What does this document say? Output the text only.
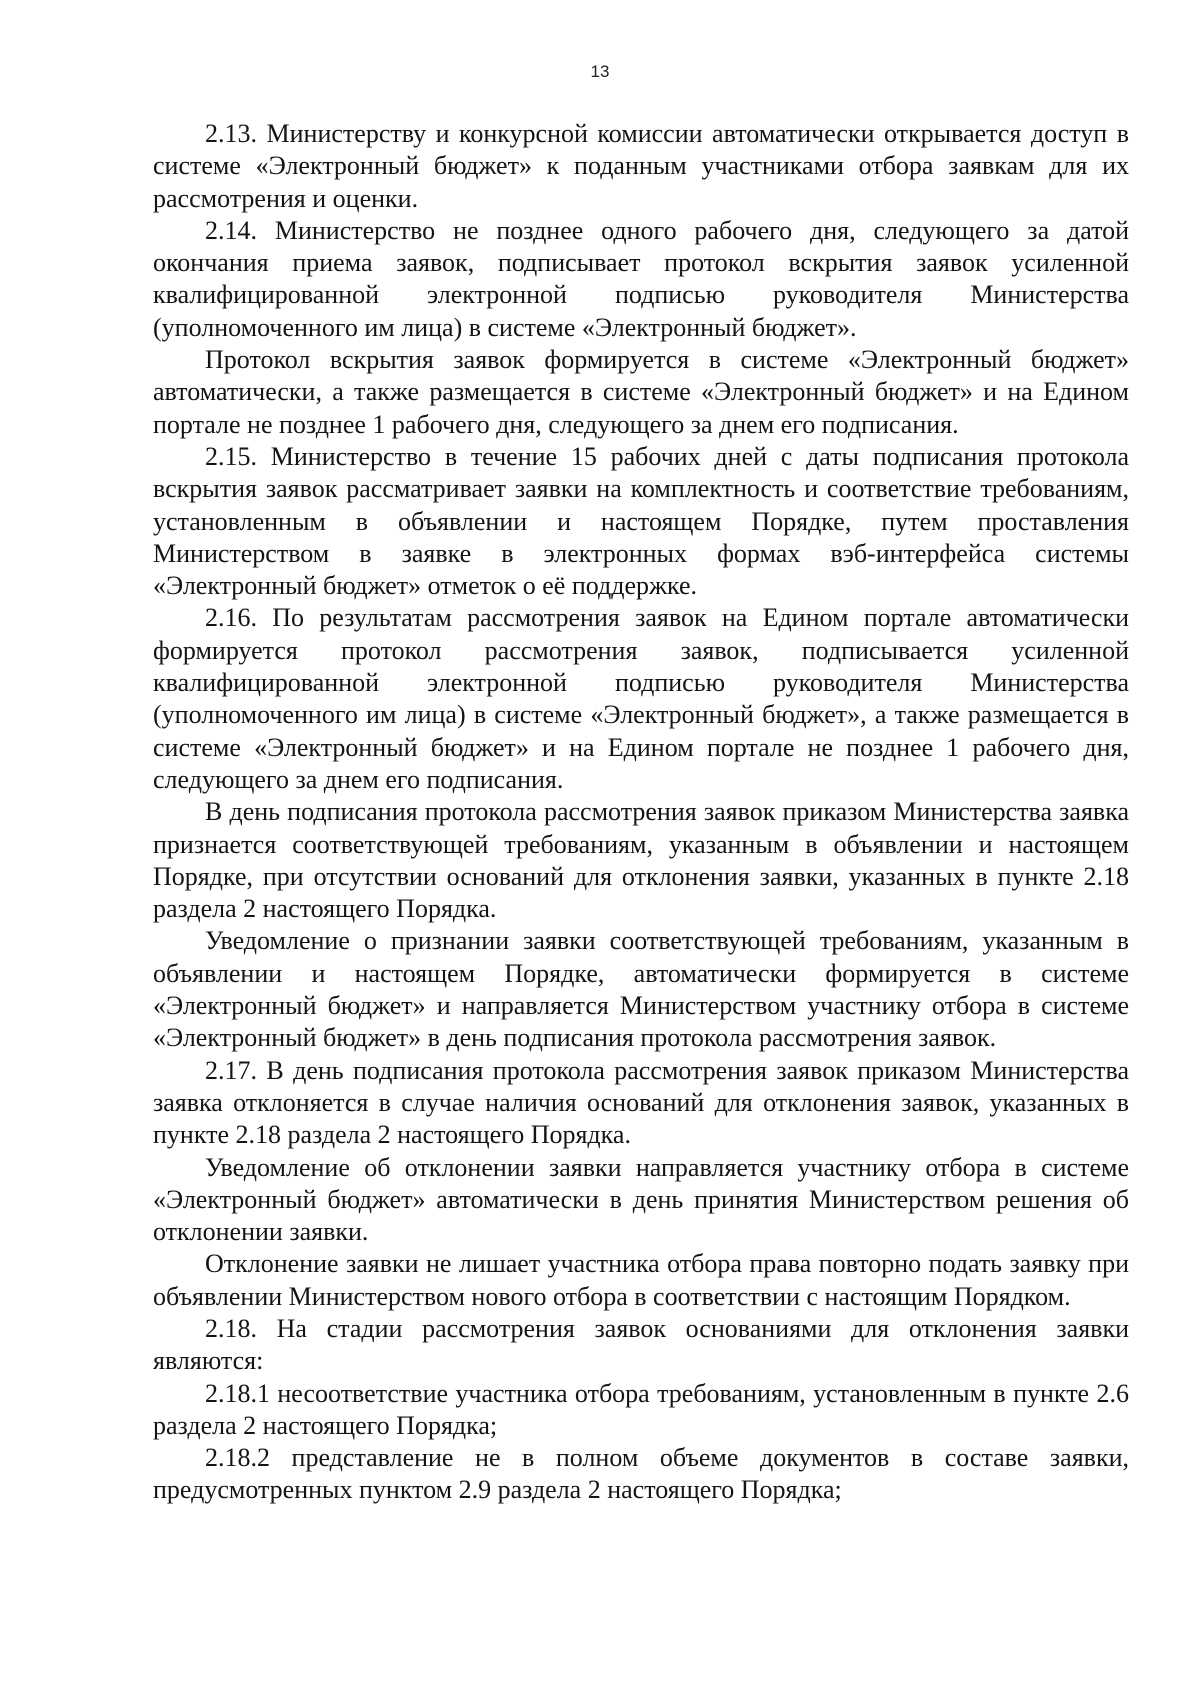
13

2.13. Министерству и конкурсной комиссии автоматически открывается доступ в системе «Электронный бюджет» к поданным участниками отбора заявкам для их рассмотрения и оценки.

2.14. Министерство не позднее одного рабочего дня, следующего за датой окончания приема заявок, подписывает протокол вскрытия заявок усиленной квалифицированной электронной подписью руководителя Министерства (уполномоченного им лица) в системе «Электронный бюджет».

Протокол вскрытия заявок формируется в системе «Электронный бюджет» автоматически, а также размещается в системе «Электронный бюджет» и на Едином портале не позднее 1 рабочего дня, следующего за днем его подписания.

2.15. Министерство в течение 15 рабочих дней с даты подписания протокола вскрытия заявок рассматривает заявки на комплектность и соответствие требованиям, установленным в объявлении и настоящем Порядке, путем проставления Министерством в заявке в электронных формах вэб-интерфейса системы «Электронный бюджет» отметок о её поддержке.

2.16. По результатам рассмотрения заявок на Едином портале автоматически формируется протокол рассмотрения заявок, подписывается усиленной квалифицированной электронной подписью руководителя Министерства (уполномоченного им лица) в системе «Электронный бюджет», а также размещается в системе «Электронный бюджет» и на Едином портале не позднее 1 рабочего дня, следующего за днем его подписания.

В день подписания протокола рассмотрения заявок приказом Министерства заявка признается соответствующей требованиям, указанным в объявлении и настоящем Порядке, при отсутствии оснований для отклонения заявки, указанных в пункте 2.18 раздела 2 настоящего Порядка.

Уведомление о признании заявки соответствующей требованиям, указанным в объявлении и настоящем Порядке, автоматически формируется в системе «Электронный бюджет» и направляется Министерством участнику отбора в системе «Электронный бюджет» в день подписания протокола рассмотрения заявок.

2.17. В день подписания протокола рассмотрения заявок приказом Министерства заявка отклоняется в случае наличия оснований для отклонения заявок, указанных в пункте 2.18 раздела 2 настоящего Порядка.

Уведомление об отклонении заявки направляется участнику отбора в системе «Электронный бюджет» автоматически в день принятия Министерством решения об отклонении заявки.

Отклонение заявки не лишает участника отбора права повторно подать заявку при объявлении Министерством нового отбора в соответствии с настоящим Порядком.

2.18. На стадии рассмотрения заявок основаниями для отклонения заявки являются:

2.18.1 несоответствие участника отбора требованиям, установленным в пункте 2.6 раздела 2 настоящего Порядка;

2.18.2 представление не в полном объеме документов в составе заявки, предусмотренных пунктом 2.9 раздела 2 настоящего Порядка;
